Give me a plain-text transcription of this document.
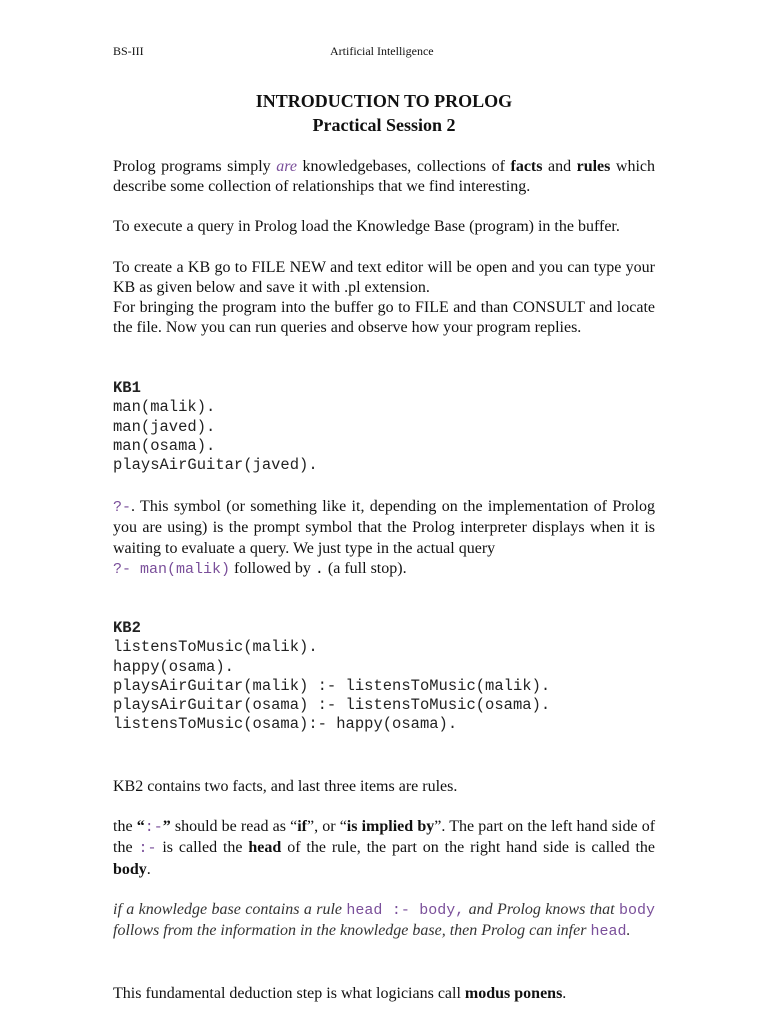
BS-III	Artificial Intelligence
INTRODUCTION TO PROLOG
Practical Session 2
Prolog programs simply are knowledgebases, collections of facts and rules which describe some collection of relationships that we find interesting.
To execute a query in Prolog load the Knowledge Base (program) in the buffer.
To create a KB go to FILE NEW and text editor will be open and you can type your KB as given below and save it with .pl extension.
For bringing the program into the buffer go to FILE and than CONSULT and locate the file. Now you can run queries and observe how your program replies.
KB1
man(malik).
man(javed).
man(osama).
playsAirGuitar(javed).
?-. This symbol (or something like it, depending on the implementation of Prolog you are using) is the prompt symbol that the Prolog interpreter displays when it is waiting to evaluate a query. We just type in the actual query
?- man(malik) followed by . (a full stop).
KB2
listensToMusic(malik).
happy(osama).
playsAirGuitar(malik) :- listensToMusic(malik).
playsAirGuitar(osama) :- listensToMusic(osama).
listensToMusic(osama):- happy(osama).
KB2 contains two facts, and last three items are rules.
the “:-” should be read as “if”, or “is implied by”. The part on the left hand side of the :- is called the head of the rule, the part on the right hand side is called the body.
if a knowledge base contains a rule head :- body, and Prolog knows that body follows from the information in the knowledge base, then Prolog can infer head.
This fundamental deduction step is what logicians call modus ponens.
